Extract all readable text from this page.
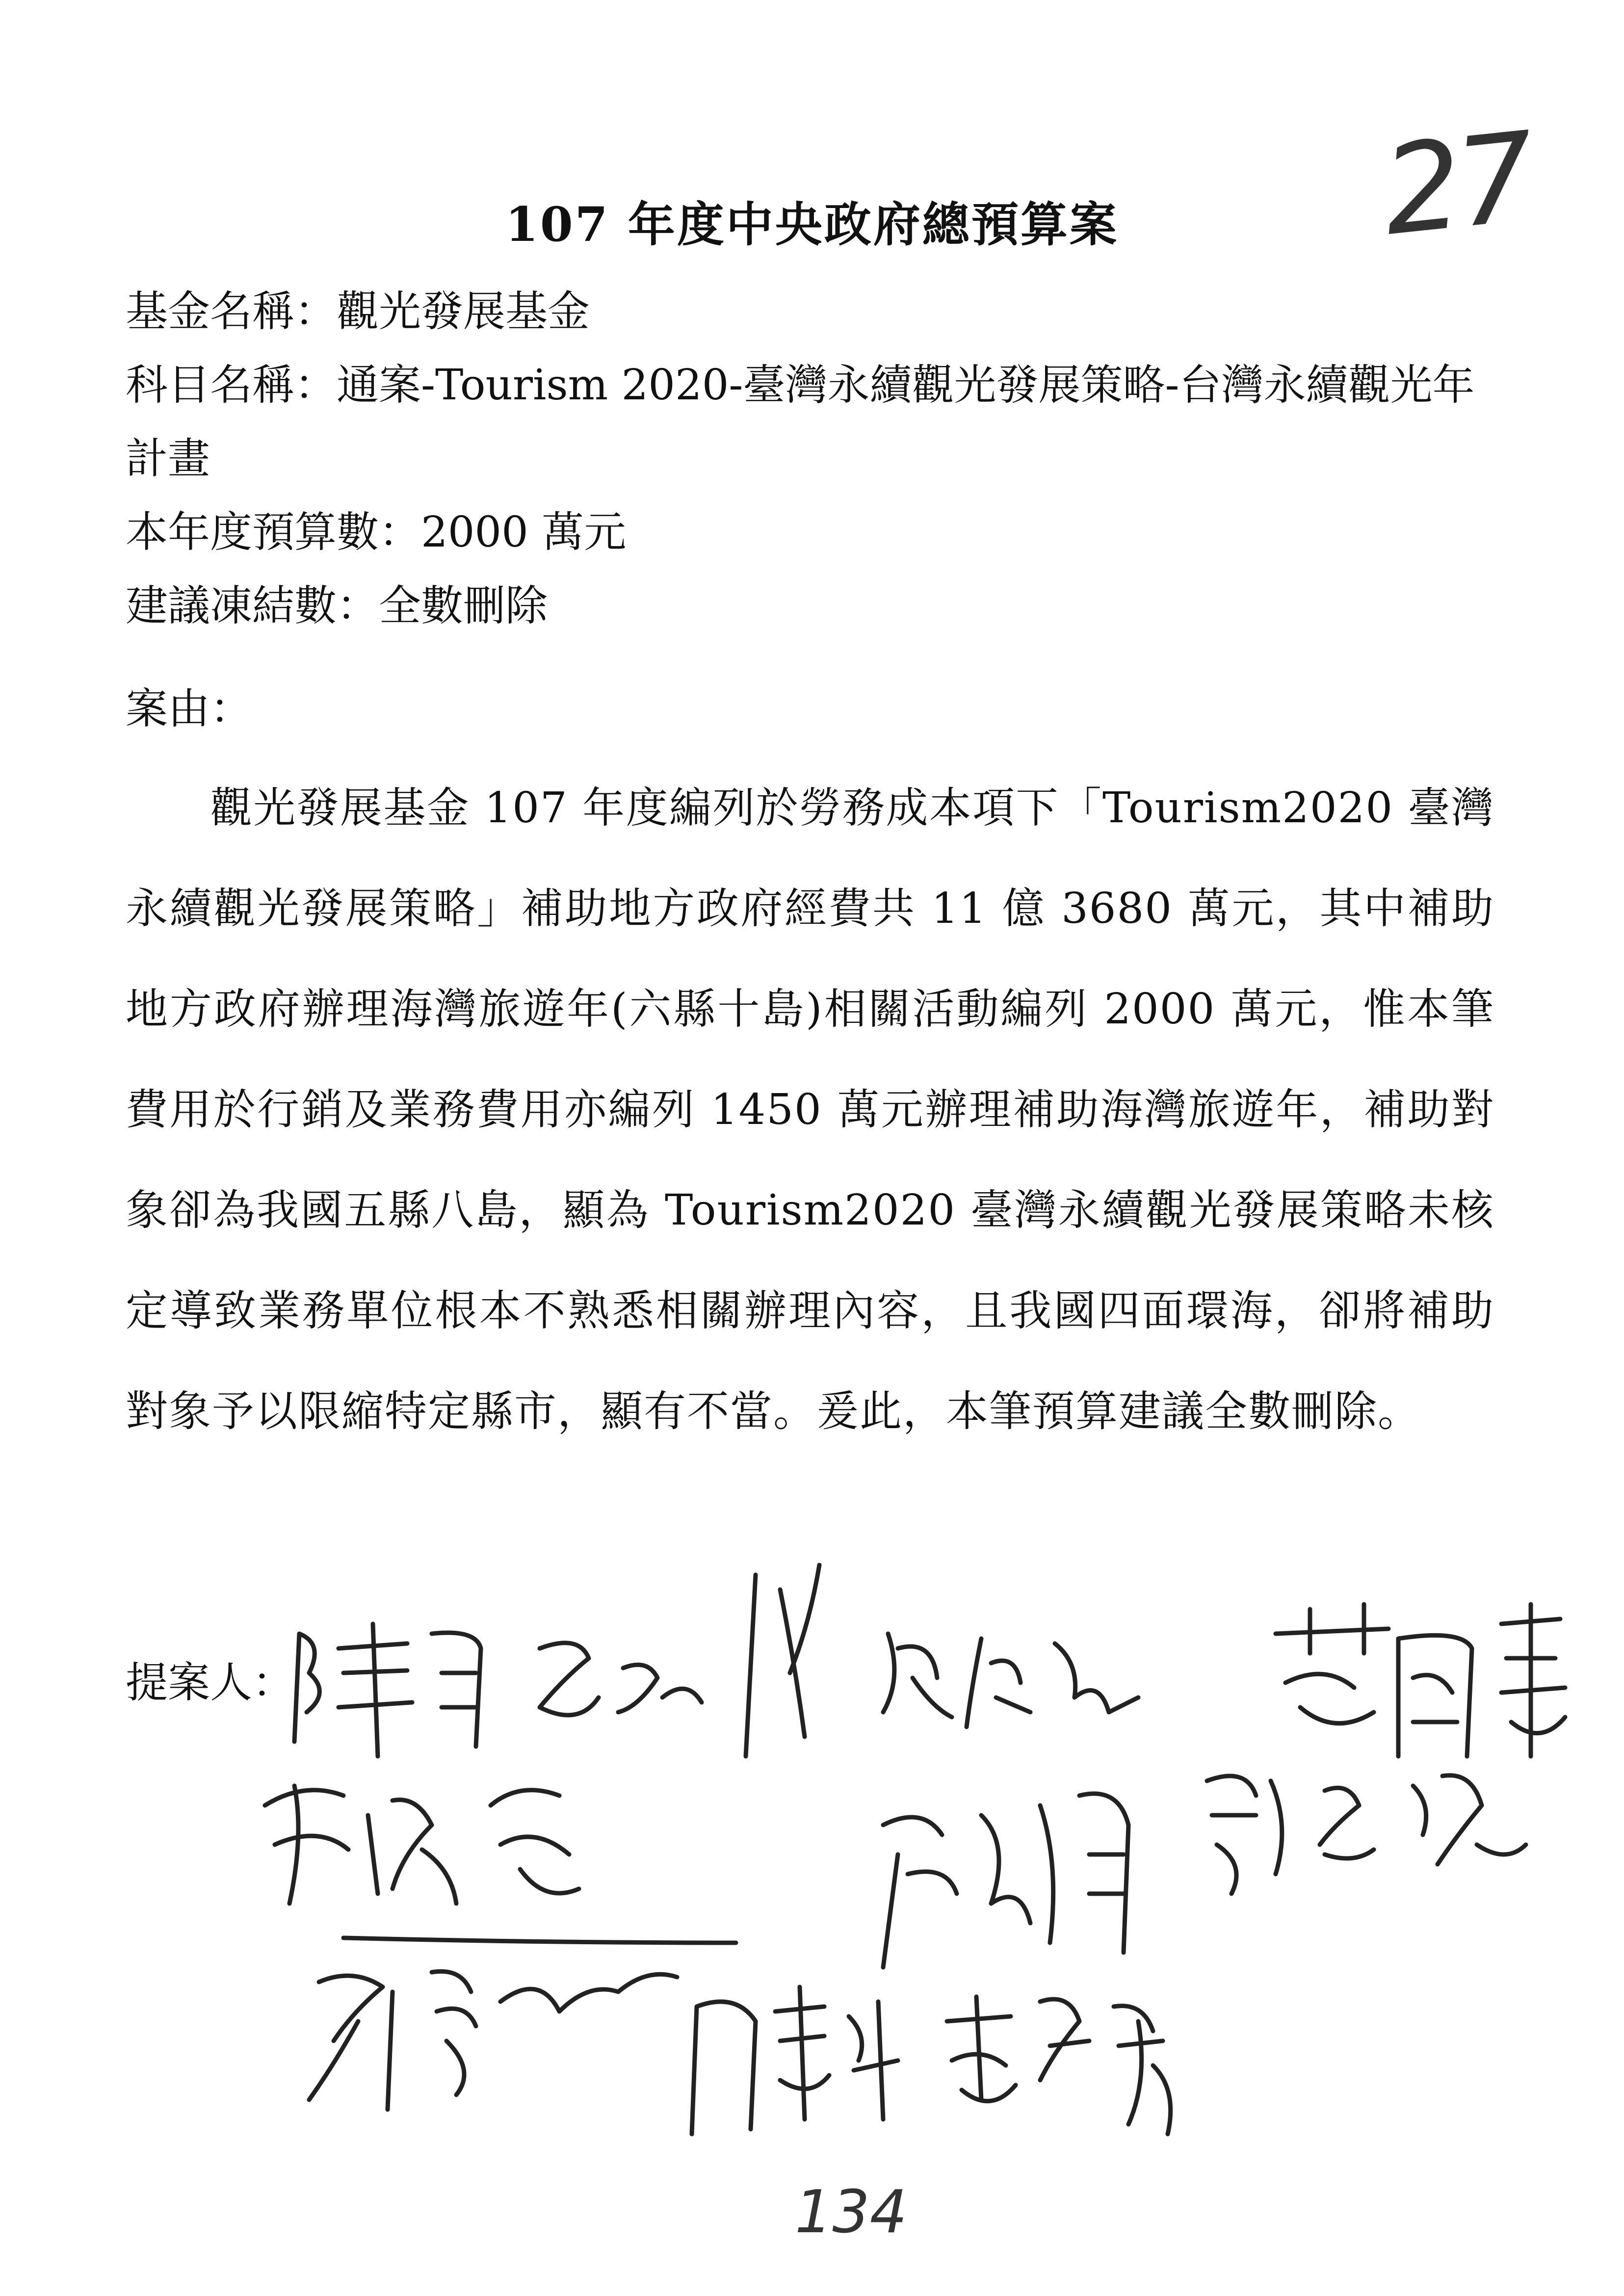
27
107 年度中央政府總預算案
基金名稱：觀光發展基金
科目名稱：通案-Tourism 2020-臺灣永續觀光發展策略-台灣永續觀光年計畫
本年度預算數：2000 萬元
建議凍結數：全數刪除
案由：
觀光發展基金 107 年度編列於勞務成本項下「Tourism2020 臺灣永續觀光發展策略」補助地方政府經費共 11 億 3680 萬元，其中補助地方政府辦理海灣旅遊年(六縣十島)相關活動編列 2000 萬元，惟本筆費用於行銷及業務費用亦編列 1450 萬元辦理補助海灣旅遊年，補助對象卻為我國五縣八島，顯為 Tourism2020 臺灣永續觀光發展策略未核定導致業務單位根本不熟悉相關辦理內容，且我國四面環海，卻將補助對象予以限縮特定縣市，顯有不當。爰此，本筆預算建議全數刪除。
提案人：
134
